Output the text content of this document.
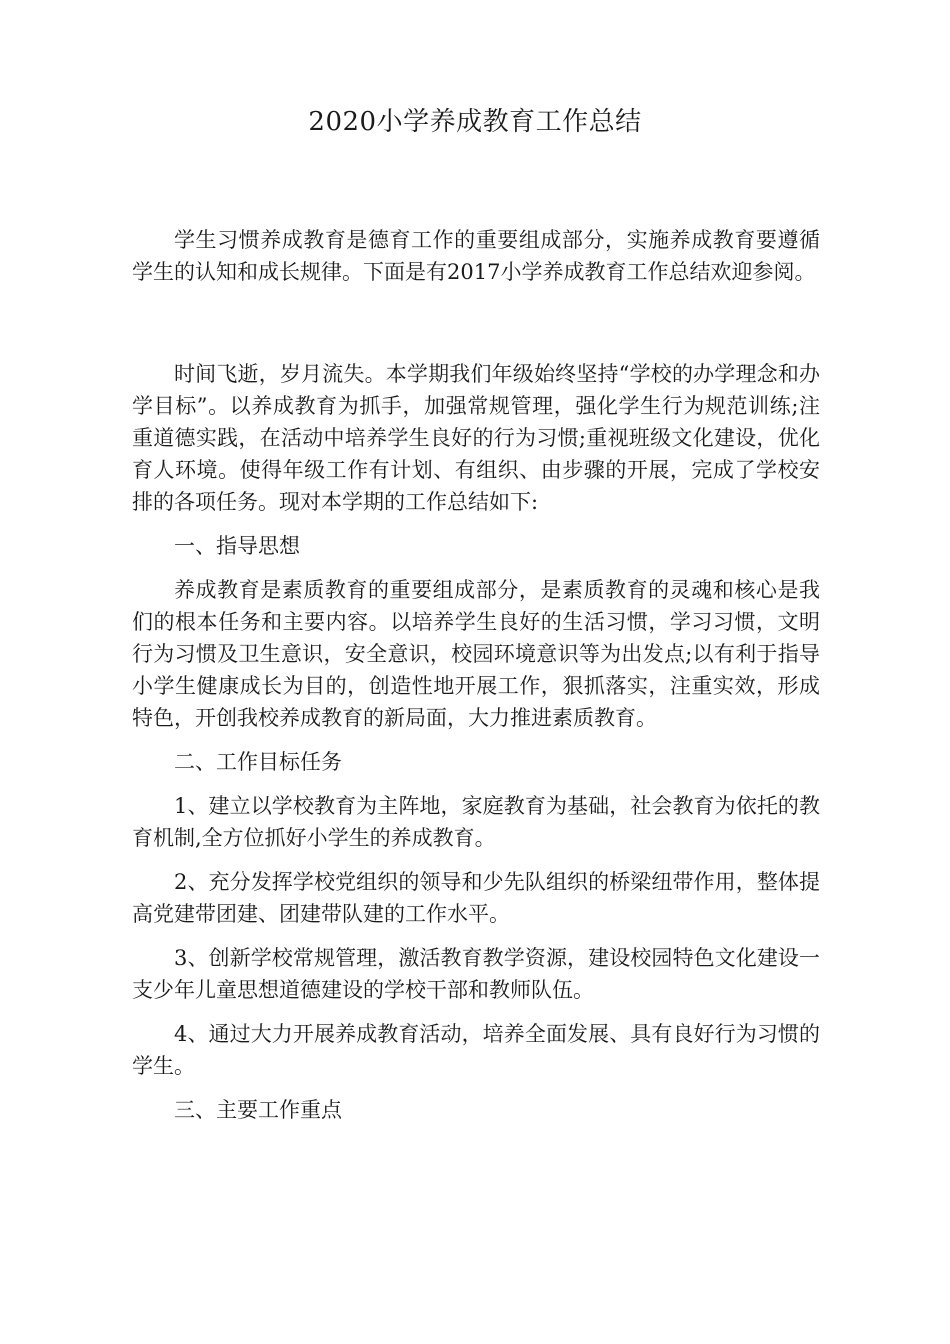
2020小学养成教育工作总结

学生习惯养成教育是德育工作的重要组成部分，实施养成教育要遵循学生的认知和成长规律。下面是有2017小学养成教育工作总结欢迎参阅。

时间飞逝，岁月流失。本学期我们年级始终坚持“学校的办学理念和办学目标”。以养成教育为抓手，加强常规管理，强化学生行为规范训练;注重道德实践，在活动中培养学生良好的行为习惯;重视班级文化建设，优化育人环境。使得年级工作有计划、有组织、由步骤的开展，完成了学校安排的各项任务。现对本学期的工作总结如下:

一、指导思想

养成教育是素质教育的重要组成部分，是素质教育的灵魂和核心是我们的根本任务和主要内容。以培养学生良好的生活习惯，学习习惯，文明行为习惯及卫生意识，安全意识，校园环境意识等为出发点;以有利于指导小学生健康成长为目的，创造性地开展工作，狠抓落实，注重实效，形成特色，开创我校养成教育的新局面，大力推进素质教育。

二、工作目标任务

1、建立以学校教育为主阵地，家庭教育为基础，社会教育为依托的教育机制,全方位抓好小学生的养成教育。

2、充分发挥学校党组织的领导和少先队组织的桥梁纽带作用，整体提高党建带团建、团建带队建的工作水平。

3、创新学校常规管理，激活教育教学资源，建设校园特色文化建设一支少年儿童思想道德建设的学校干部和教师队伍。

4、通过大力开展养成教育活动，培养全面发展、具有良好行为习惯的学生。

三、主要工作重点
